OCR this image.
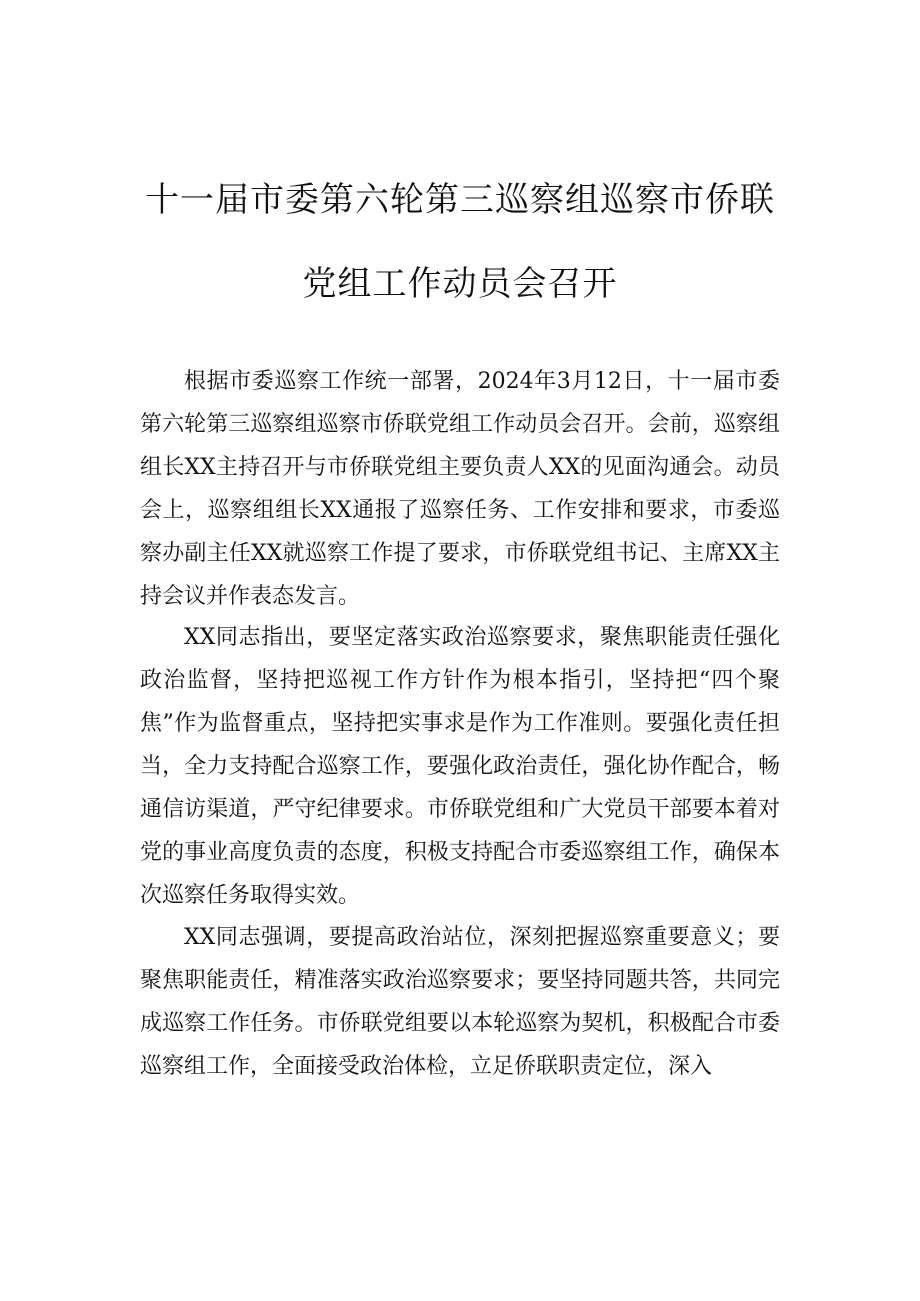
十一届市委第六轮第三巡察组巡察市侨联
党组工作动员会召开

根据市委巡察工作统一部署，2024年3月12日，十一届市委第六轮第三巡察组巡察市侨联党组工作动员会召开。会前，巡察组组长XX主持召开与市侨联党组主要负责人XX的见面沟通会。动员会上，巡察组组长XX通报了巡察任务、工作安排和要求，市委巡察办副主任XX就巡察工作提了要求，市侨联党组书记、主席XX主持会议并作表态发言。

XX同志指出，要坚定落实政治巡察要求，聚焦职能责任强化政治监督，坚持把巡视工作方针作为根本指引，坚持把“四个聚焦”作为监督重点，坚持把实事求是作为工作准则。要强化责任担当，全力支持配合巡察工作，要强化政治责任，强化协作配合，畅通信访渠道，严守纪律要求。市侨联党组和广大党员干部要本着对党的事业高度负责的态度，积极支持配合市委巡察组工作，确保本次巡察任务取得实效。

XX同志强调，要提高政治站位，深刻把握巡察重要意义；要聚焦职能责任，精准落实政治巡察要求；要坚持同题共答，共同完成巡察工作任务。市侨联党组要以本轮巡察为契机，积极配合市委巡察组工作，全面接受政治体检，立足侨联职责定位，深入
